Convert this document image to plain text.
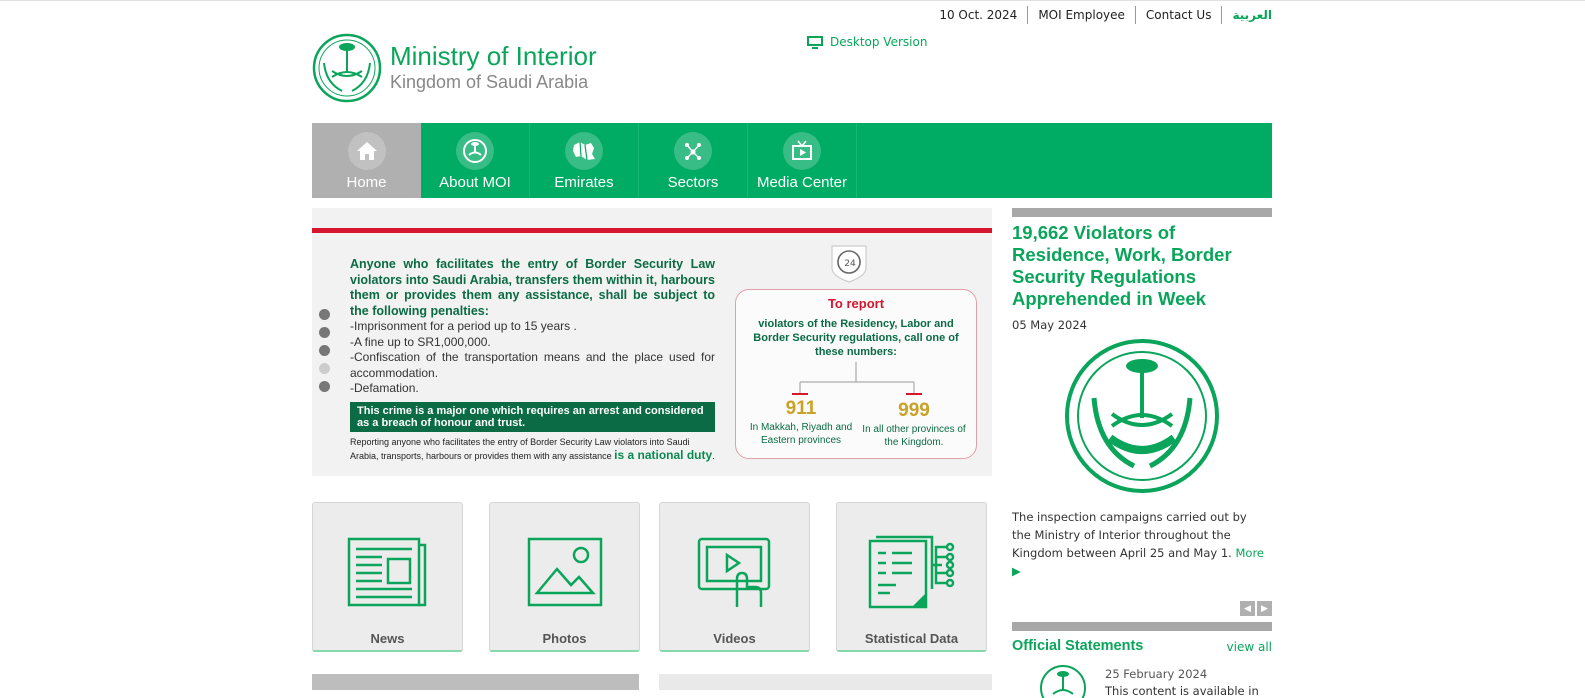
10 Oct. 2024	MOI Employee	Contact Us	العربية
Ministry of Interior
Kingdom of Saudi Arabia
Desktop Version
Home	About MOI	Emirates	Sectors	Media Center
Anyone who facilitates the entry of Border Security Law violators into Saudi Arabia, transfers them within it, harbours them or provides them any assistance, shall be subject to the following penalties:
-Imprisonment for a period up to 15 years .
-A fine up to SR1,000,000.
-Confiscation of the transportation means and the place used for accommodation.
-Defamation.
This crime is a major one which requires an arrest and considered as a breach of honour and trust.
Reporting anyone who facilitates the entry of Border Security Law violators into Saudi Arabia, transports, harbours or provides them with any assistance is a national duty.
24
To report
violators of the Residency, Labor and Border Security regulations, call one of these numbers:
911
In Makkah, Riyadh and Eastern provinces
999
In all other provinces of the Kingdom.
News	Photos	Videos	Statistical Data
19,662 Violators of Residence, Work, Border Security Regulations Apprehended in Week
05 May 2024
The inspection campaigns carried out by the Ministry of Interior throughout the Kingdom between April 25 and May 1. More ▶
◀	▶
Official Statements	view all
25 February 2024
This content is available in
